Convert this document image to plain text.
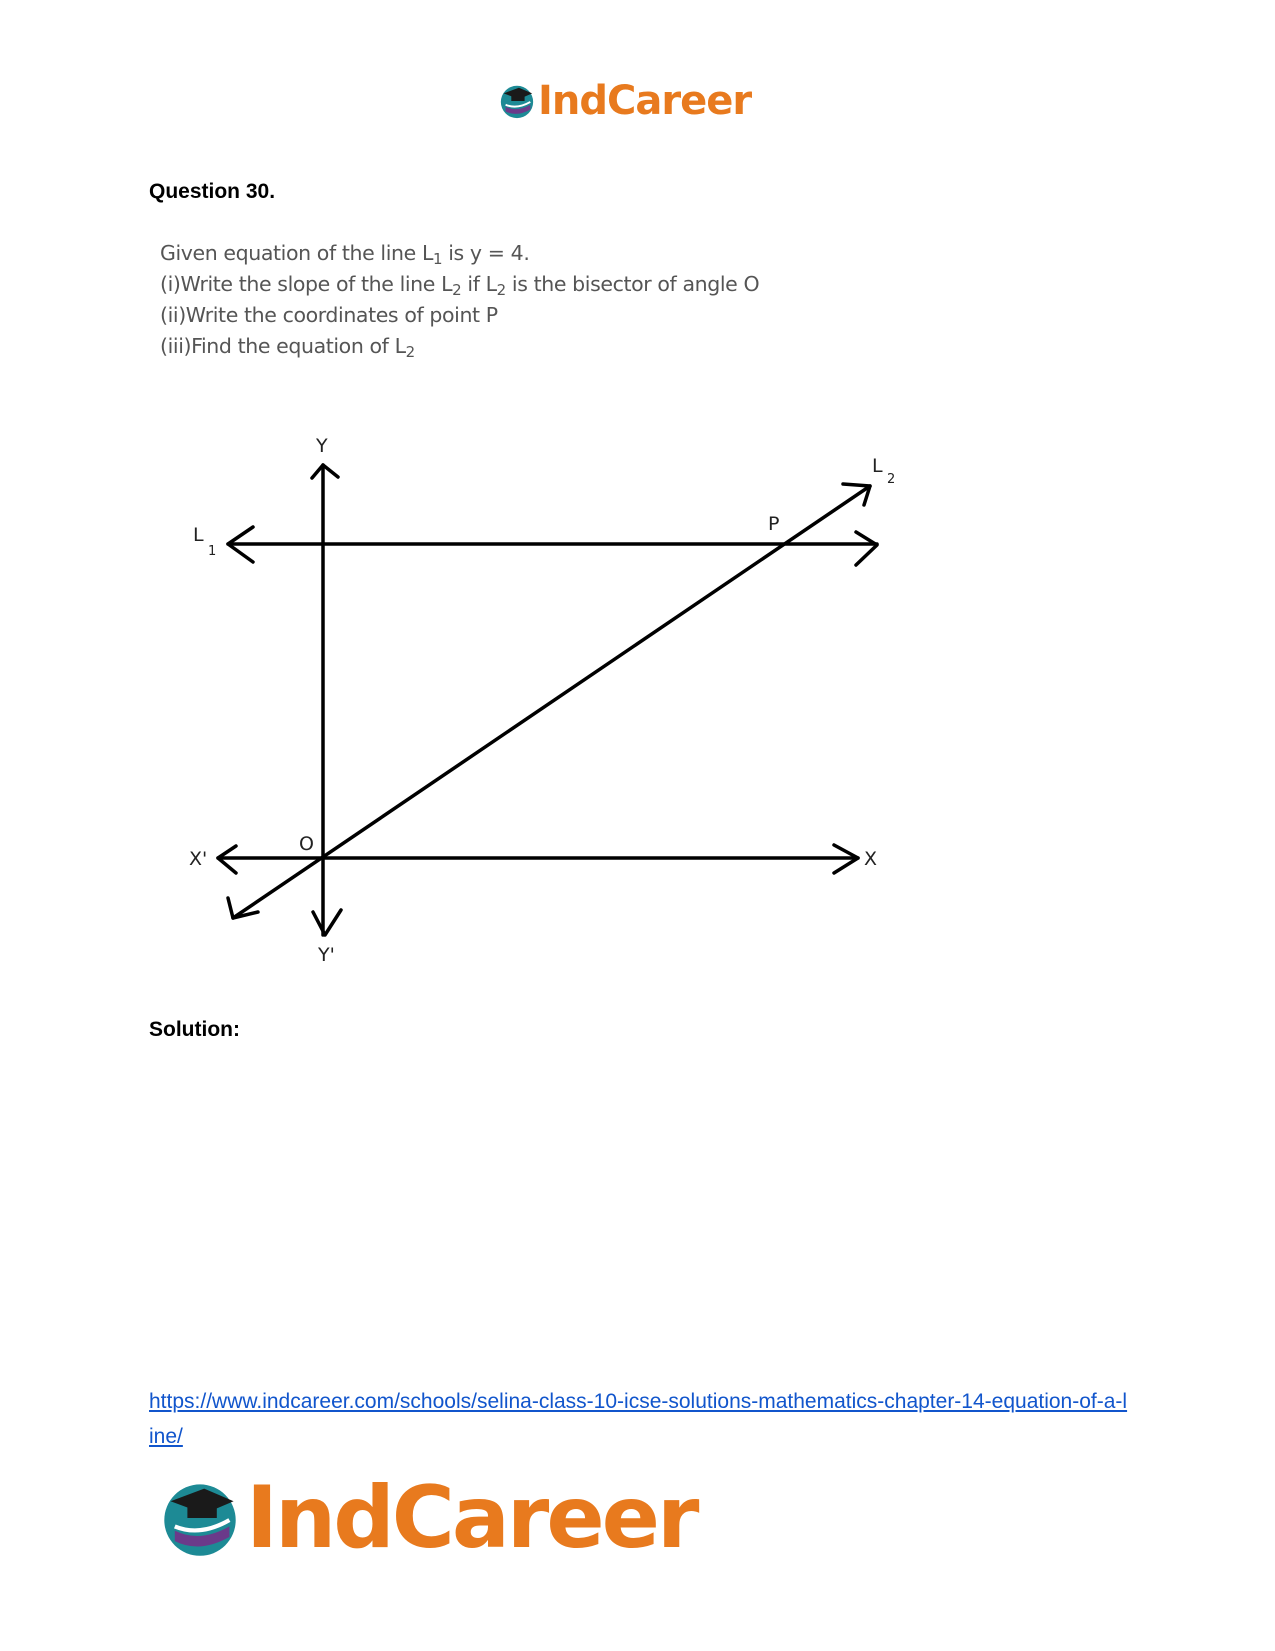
IndCareer
Question 30.
Given equation of the line $L_1$ is y = 4.
(i)Write the slope of the line $L_2$ if $L_2$ is the bisector of angle O
(ii)Write the coordinates of point P
(iii)Find the equation of $L_2$
Y
Y'
X
X'
O
P
L
1
L
2
Solution:
https://www.indcareer.com/schools/selina-class-10-icse-solutions-mathematics-chapter-14-equation-of-a-line/
IndCareer
